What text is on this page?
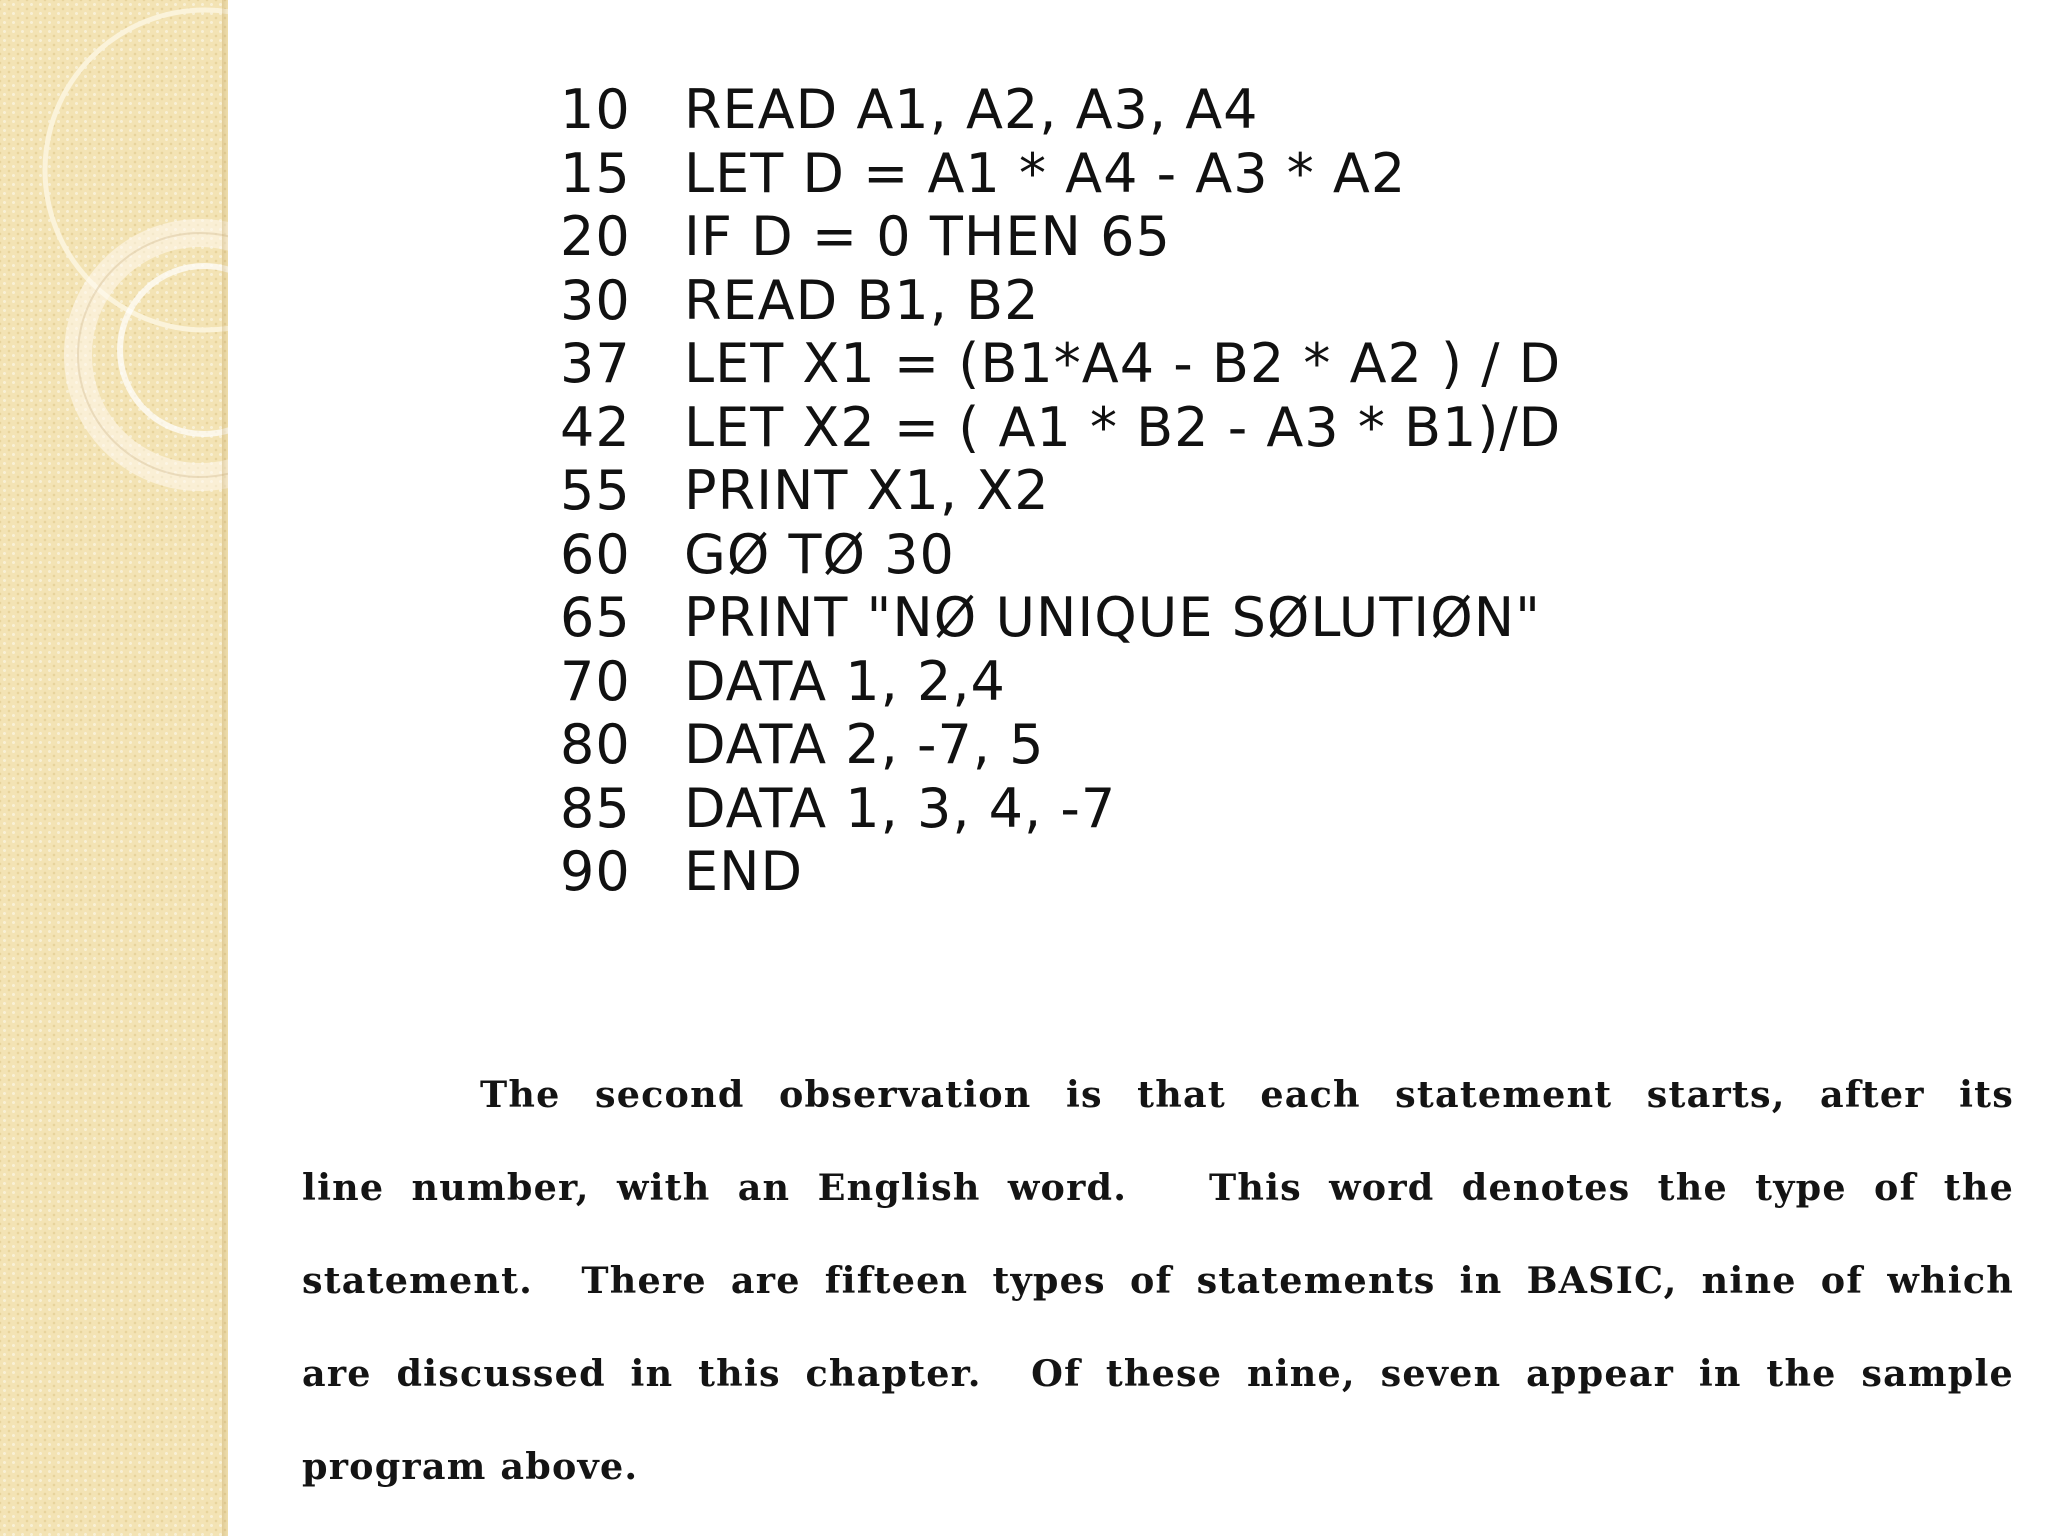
10 READ A1, A2, A3, A4
15 LET D = A1 * A4 - A3 * A2
20 IF D = 0 THEN 65
30 READ B1, B2
37 LET X1 = (B1*A4 - B2 * A2 ) / D
42 LET X2 = ( A1 * B2 - A3 * B1)/D
55 PRINT X1, X2
60 GØ TØ 30
65 PRINT "NØ UNIQUE SØLUTIØN"
70 DATA 1, 2,4
80 DATA 2, -7, 5
85 DATA 1, 3, 4, -7
90 END
The second observation is that each statement starts, after its
line number, with an English word.   This word denotes the type of the
statement.  There are fifteen types of statements in BASIC, nine of which
are discussed in this chapter.  Of these nine, seven appear in the sample
program above.
